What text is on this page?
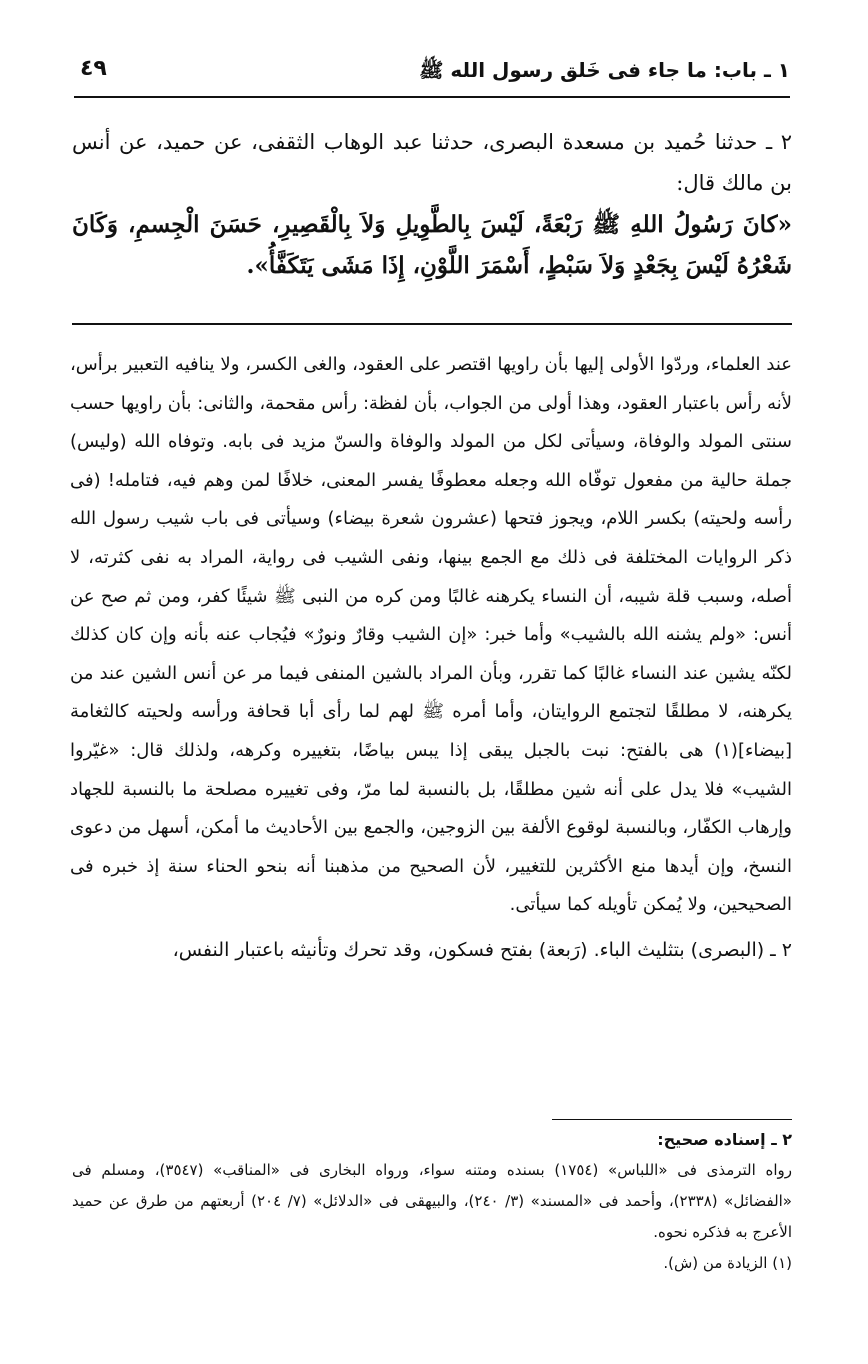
١ ـ باب: ما جاء فى خَلق رسول الله ﷺ
٤٩

٢ ـ حدثنا حُميد بن مسعدة البصرى، حدثنا عبد الوهاب الثقفى، عن حميد، عن أنس بن مالك قال:

«كانَ رَسُولُ اللهِ ﷺ رَبْعَةً، لَيْسَ بِالطَّوِيلِ وَلاَ بِالْقَصِيرِ، حَسَنَ الْجِسمِ، وَكَانَ شَعْرُهُ لَيْسَ بِجَعْدٍ وَلاَ سَبْطٍ، أَسْمَرَ اللَّوْنِ، إِذَا مَشَى يَتَكَفَّأُ».

عند العلماء، وردّوا الأولى إليها بأن راويها اقتصر على العقود، والغى الكسر، ولا ينافيه التعبير برأس، لأنه رأس باعتبار العقود، وهذا أولى من الجواب، بأن لفظة: رأس مقحمة، والثانى: بأن راويها حسب سنتى المولد والوفاة، وسيأتى لكل من المولد والوفاة والسنّ مزيد فى بابه. وتوفاه الله (وليس) جملة حالية من مفعول توفّاه الله وجعله معطوفًا يفسر المعنى، خلافًا لمن وهم فيه، فتامله! (فى رأسه ولحيته) بكسر اللام، ويجوز فتحها (عشرون شعرة بيضاء) وسيأتى فى باب شيب رسول الله ذكر الروايات المختلفة فى ذلك مع الجمع بينها، ونفى الشيب فى رواية، المراد به نفى كثرته، لا أصله، وسبب قلة شيبه، أن النساء يكرهنه غالبًا ومن كره من النبى ﷺ شيئًا كفر، ومن ثم صح عن أنس: «ولم يشنه الله بالشيب» وأما خبر: «إن الشيب وقارٌ ونورٌ» فيُجاب عنه بأنه وإن كان كذلك لكنّه يشين عند النساء غالبًا كما تقرر، وبأن المراد بالشين المنفى فيما مر عن أنس الشين عند من يكرهنه، لا مطلقًا لتجتمع الروايتان، وأما أمره ﷺ لهم لما رأى أبا قحافة ورأسه ولحيته كالثغامة [بيضاء](١) هى بالفتح: نبت بالجبل يبقى إذا يبس بياضًا، بتغييره وكرهه، ولذلك قال: «غيّروا الشيب» فلا يدل على أنه شين مطلقًا، بل بالنسبة لما مرّ، وفى تغييره مصلحة ما بالنسبة للجهاد وإرهاب الكفّار، وبالنسبة لوقوع الألفة بين الزوجين، والجمع بين الأحاديث ما أمكن، أسهل من دعوى النسخ، وإن أيدها منع الأكثرين للتغيير، لأن الصحيح من مذهبنا أنه بنحو الحناء سنة إذ خبره فى الصحيحين، ولا يُمكن تأويله كما سيأتى.

٢ ـ (البصرى) بتثليث الباء. (رَبعة) بفتح فسكون، وقد تحرك وتأنيثه باعتبار النفس،

٢ ـ إسناده صحيح:

رواه الترمذى فى «اللباس» (١٧٥٤) بسنده ومتنه سواء، ورواه البخارى فى «المناقب» (٣٥٤٧)، ومسلم فى «الفضائل» (٢٣٣٨)، وأحمد فى «المسند» (٣/ ٢٤٠)، والبيهقى فى «الدلائل» (٧/ ٢٠٤) أربعتهم من طرق عن حميد الأعرج به فذكره نحوه.

(١) الزيادة من (ش).
